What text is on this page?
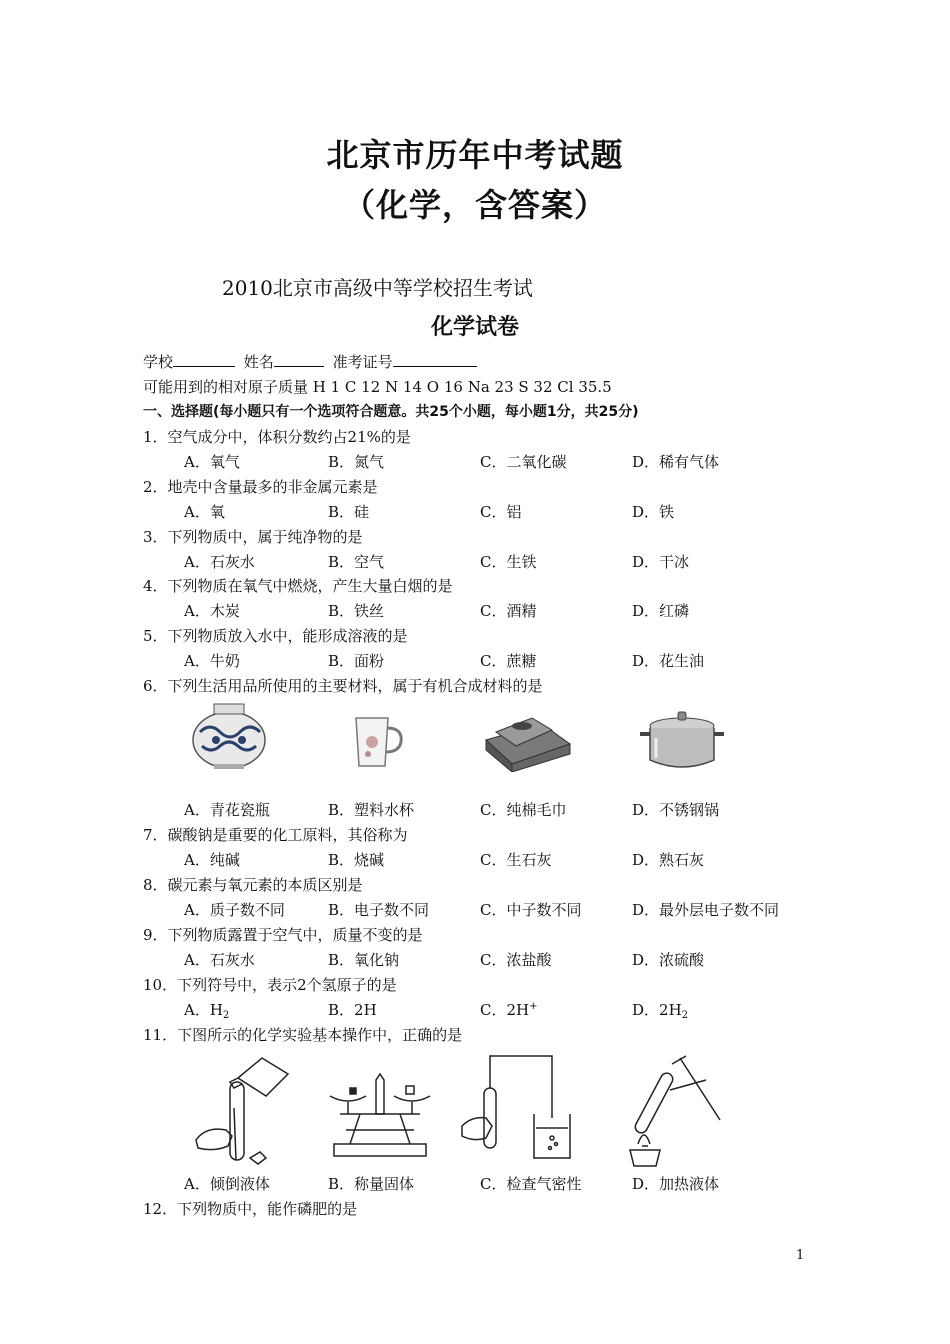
北京市历年中考试题
（化学，含答案）
2010北京市高级中等学校招生考试
化学试卷
学校	姓名	准考证号
可能用到的相对原子质量 H 1 C 12 N 14 O 16 Na 23 S 32 Cl 35.5
一、选择题(每小题只有一个选项符合题意。共25个小题，每小题1分，共25分)
1．空气成分中，体积分数约占21%的是
A．氧气	B．氮气	C．二氧化碳	D．稀有气体
2．地壳中含量最多的非金属元素是
A．氧	B．硅	C．铝	D．铁
3．下列物质中，属于纯净物的是
A．石灰水	B．空气	C．生铁	D．干冰
4．下列物质在氧气中燃烧，产生大量白烟的是
A．木炭	B．铁丝	C．酒精	D．红磷
5．下列物质放入水中，能形成溶液的是
A．牛奶	B．面粉	C．蔗糖	D．花生油
6．下列生活用品所使用的主要材料，属于有机合成材料的是
A．青花瓷瓶	B．塑料水杯	C．纯棉毛巾	D．不锈钢锅
7．碳酸钠是重要的化工原料，其俗称为
A．纯碱	B．烧碱	C．生石灰	D．熟石灰
8．碳元素与氧元素的本质区别是
A．质子数不同	B．电子数不同	C．中子数不同	D．最外层电子数不同
9．下列物质露置于空气中，质量不变的是
A．石灰水	B．氧化钠	C．浓盐酸	D．浓硫酸
10．下列符号中，表示2个氢原子的是
A．$H_2$	B．2H	C．2H+	D．$2H_2$
11．下图所示的化学实验基本操作中，正确的是
A．倾倒液体	B．称量固体	C．检查气密性	D．加热液体
12．下列物质中，能作磷肥的是
1
